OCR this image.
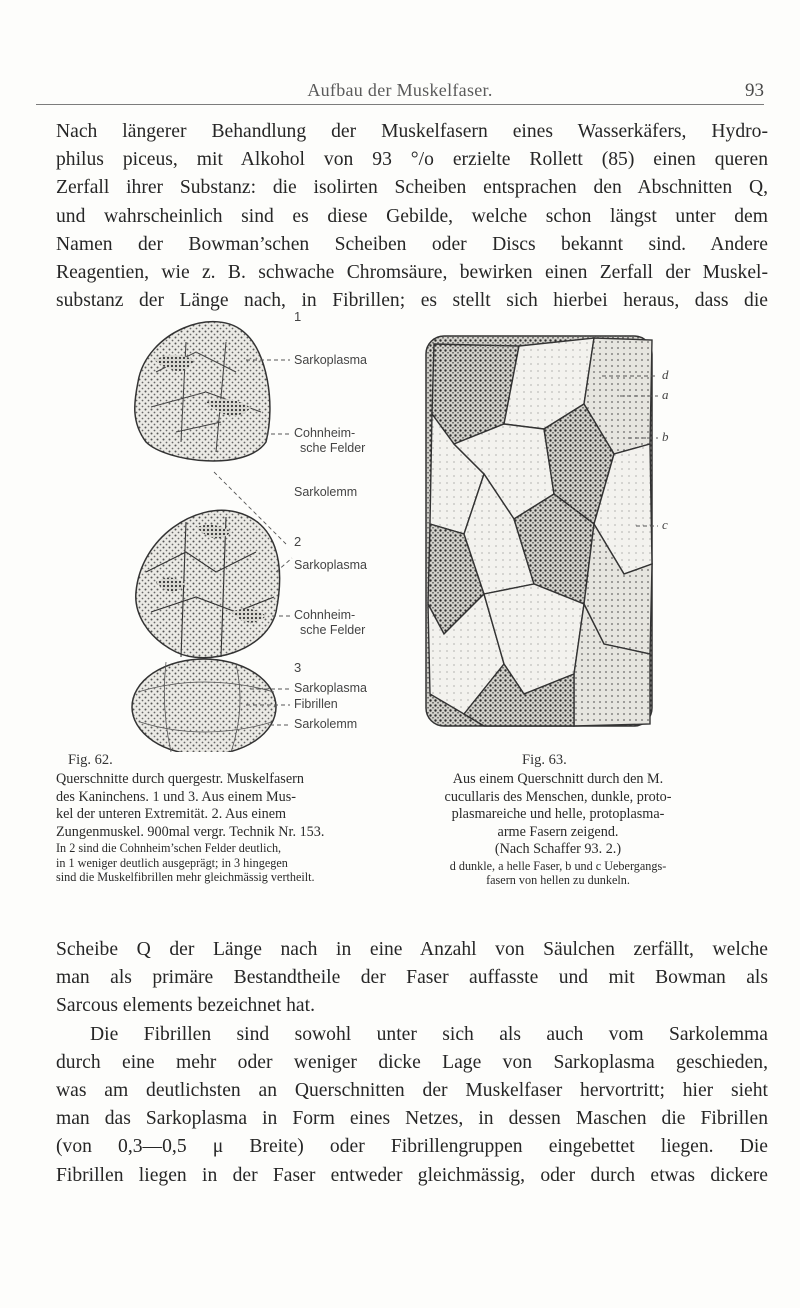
Aufbau der Muskelfaser.	93
Nach längerer Behandlung der Muskelfasern eines Wasserkäfers, Hydro-
philus piceus, mit Alkohol von 93 °/o erzielte Rollett (85) einen queren
Zerfall ihrer Substanz: die isolirten Scheiben entsprachen den Abschnitten Q,
und wahrscheinlich sind es diese Gebilde, welche schon längst unter dem
Namen der Bowman’schen Scheiben oder Discs bekannt sind. Andere
Reagentien, wie z. B. schwache Chromsäure, bewirken einen Zerfall der Muskel-
substanz der Länge nach, in Fibrillen; es stellt sich hierbei heraus, dass die
1
Sarkoplasma
Cohnheim-
sche Felder
Sarkolemm
2
Sarkoplasma
Cohnheim-
sche Felder
3
Sarkoplasma
Fibrillen
Sarkolemm
d
a
b
c
Fig. 62.	Fig. 63.
Querschnitte durch quergestr. Muskelfasern
des Kaninchens. 1 und 3. Aus einem Mus-
kel der unteren Extremität. 2. Aus einem
Zungenmuskel. 900mal vergr. Technik Nr. 153.
In 2 sind die Cohnheim’schen Felder deutlich,
in 1 weniger deutlich ausgeprägt; in 3 hingegen
sind die Muskelfibrillen mehr gleichmässig vertheilt.
Aus einem Querschnitt durch den M.
cucullaris des Menschen, dunkle, proto-
plasmareiche und helle, protoplasma-
arme Fasern zeigend.
(Nach Schaffer 93. 2.)
d dunkle, a helle Faser, b und c Uebergangs-
fasern von hellen zu dunkeln.
Scheibe Q der Länge nach in eine Anzahl von Säulchen zerfällt, welche
man als primäre Bestandtheile der Faser auffasste und mit Bowman als
Sarcous elements bezeichnet hat.
Die Fibrillen sind sowohl unter sich als auch vom Sarkolemma
durch eine mehr oder weniger dicke Lage von Sarkoplasma geschieden,
was am deutlichsten an Querschnitten der Muskelfaser hervortritt; hier sieht
man das Sarkoplasma in Form eines Netzes, in dessen Maschen die Fibrillen
(von 0,3—0,5 μ Breite) oder Fibrillengruppen eingebettet liegen. Die
Fibrillen liegen in der Faser entweder gleichmässig, oder durch etwas dickere
